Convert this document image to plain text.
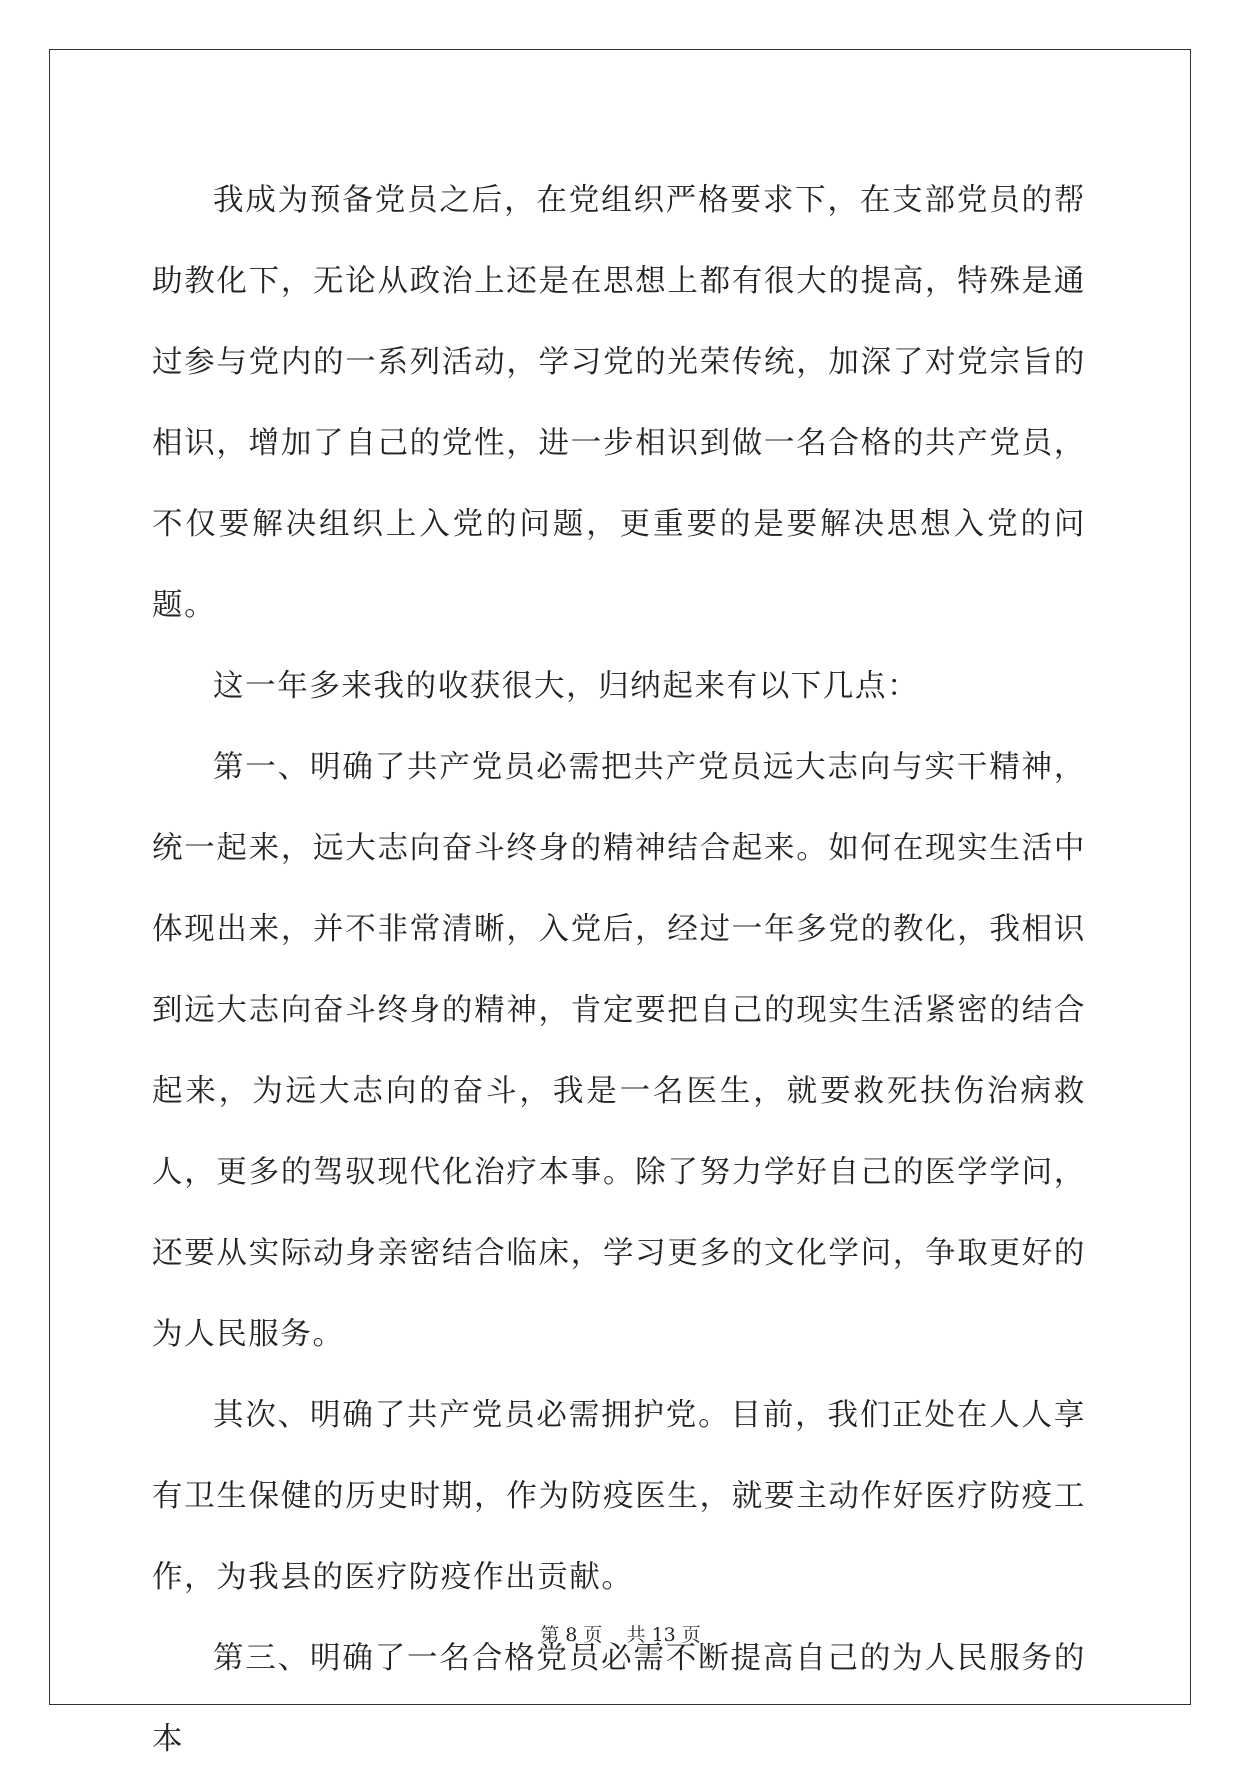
我成为预备党员之后，在党组织严格要求下，在支部党员的帮助教化下，无论从政治上还是在思想上都有很大的提高，特殊是通过参与党内的一系列活动，学习党的光荣传统，加深了对党宗旨的相识，增加了自己的党性，进一步相识到做一名合格的共产党员，不仅要解决组织上入党的问题，更重要的是要解决思想入党的问题。

这一年多来我的收获很大，归纳起来有以下几点：

第一、明确了共产党员必需把共产党员远大志向与实干精神，统一起来，远大志向奋斗终身的精神结合起来。如何在现实生活中体现出来，并不非常清晰，入党后，经过一年多党的教化，我相识到远大志向奋斗终身的精神，肯定要把自己的现实生活紧密的结合起来，为远大志向的奋斗，我是一名医生，就要救死扶伤治病救人，更多的驾驭现代化治疗本事。除了努力学好自己的医学学问，还要从实际动身亲密结合临床，学习更多的文化学问，争取更好的为人民服务。

其次、明确了共产党员必需拥护党。目前，我们正处在人人享有卫生保健的历史时期，作为防疫医生，就要主动作好医疗防疫工作，为我县的医疗防疫作出贡献。

第三、明确了一名合格党员必需不断提高自己的为人民服务的本

第 8 页    共 13 页
